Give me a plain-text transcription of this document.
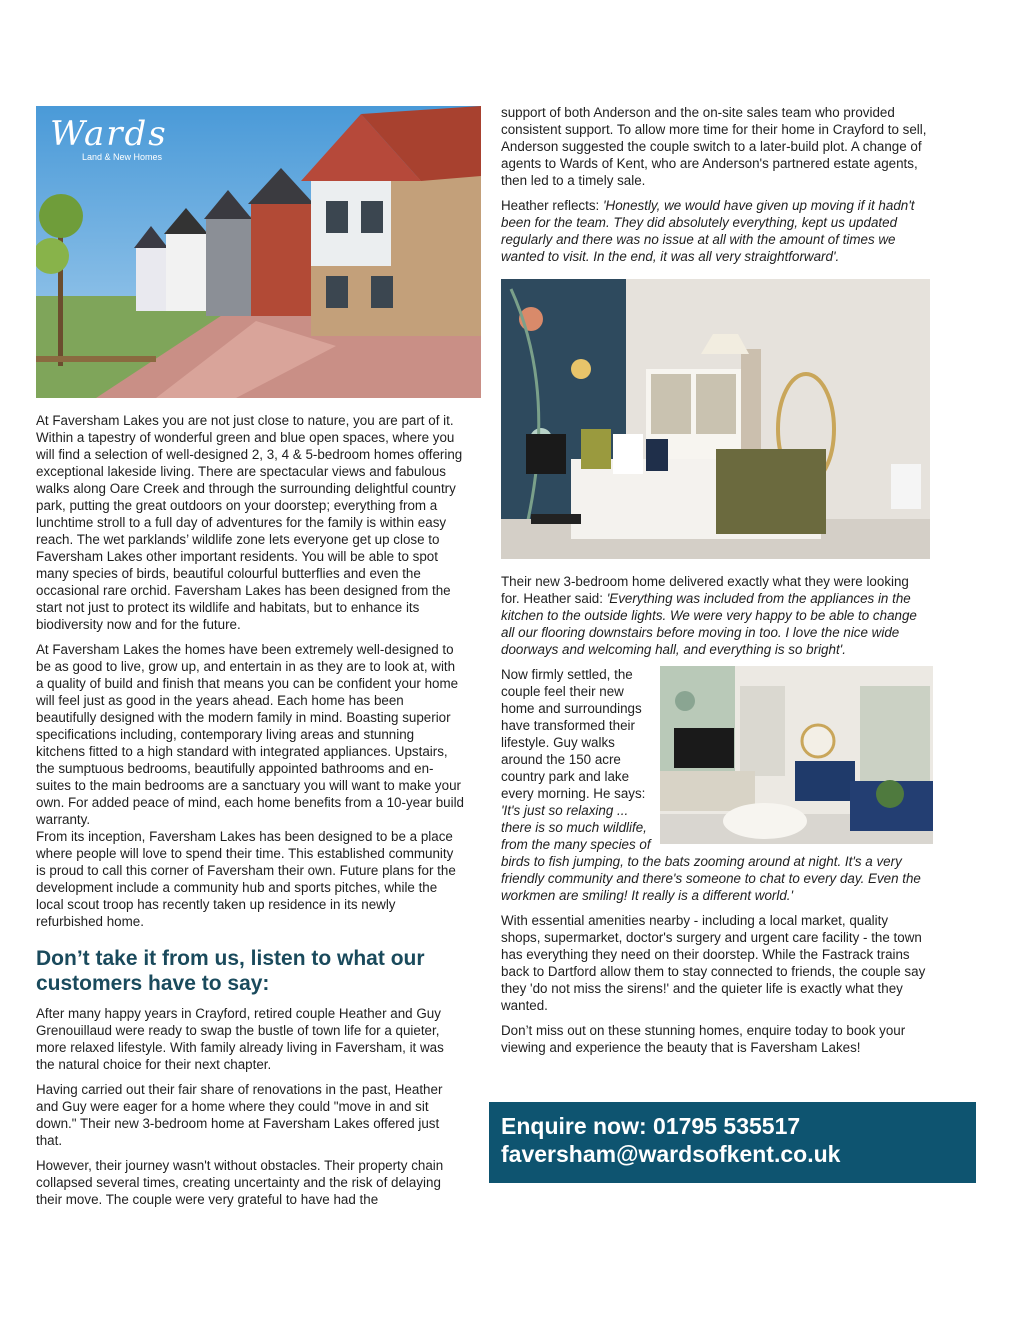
Wards
Land & New Homes

At Faversham Lakes you are not just close to nature, you are part of it. Within a tapestry of wonderful green and blue open spaces, where you will find a selection of well-designed 2, 3, 4 & 5-bedroom homes offering exceptional lakeside living. There are spectacular views and fabulous walks along Oare Creek and through the surrounding delightful country park, putting the great outdoors on your doorstep; everything from a lunchtime stroll to a full day of adventures for the family is within easy reach. The wet parklands’ wildlife zone lets everyone get up close to Faversham Lakes other important residents. You will be able to spot many species of birds, beautiful colourful butterflies and even the occasional rare orchid. Faversham Lakes has been designed from the start not just to protect its wildlife and habitats, but to enhance its biodiversity now and for the future.

At Faversham Lakes the homes have been extremely well-designed to be as good to live, grow up, and entertain in as they are to look at, with a quality of build and finish that means you can be confident your home will feel just as good in the years ahead. Each home has been beautifully designed with the modern family in mind. Boasting superior specifications including, contemporary living areas and stunning kitchens fitted to a high standard with integrated appliances. Upstairs, the sumptuous bedrooms, beautifully appointed bathrooms and en-suites to the main bedrooms are a sanctuary you will want to make your own. For added peace of mind, each home benefits from a 10-year build warranty.

From its inception, Faversham Lakes has been designed to be a place where people will love to spend their time. This established community is proud to call this corner of Faversham their own. Future plans for the development include a community hub and sports pitches, while the local scout troop has recently taken up residence in its newly refurbished home.

Don’t take it from us, listen to what our customers have to say:

After many happy years in Crayford, retired couple Heather and Guy Grenouillaud were ready to swap the bustle of town life for a quieter, more relaxed lifestyle. With family already living in Faversham, it was the natural choice for their next chapter.

Having carried out their fair share of renovations in the past, Heather and Guy were eager for a home where they could "move in and sit down." Their new 3-bedroom home at Faversham Lakes offered just that.

However, their journey wasn't without obstacles. Their property chain collapsed several times, creating uncertainty and the risk of delaying their move. The couple were very grateful to have had the

support of both Anderson and the on-site sales team who provided consistent support. To allow more time for their home in Crayford to sell, Anderson suggested the couple switch to a later-build plot. A change of agents to Wards of Kent, who are Anderson's partnered estate agents, then led to a timely sale.

Heather reflects: 'Honestly, we would have given up moving if it hadn't been for the team. They did absolutely everything, kept us updated regularly and there was no issue at all with the amount of times we wanted to visit. In the end, it was all very straightforward'.

Their new 3-bedroom home delivered exactly what they were looking for. Heather said: 'Everything was included from the appliances in the kitchen to the outside lights. We were very happy to be able to change all our flooring downstairs before moving in too. I love the nice wide doorways and welcoming hall, and everything is so bright'.

Now firmly settled, the couple feel their new home and surroundings have transformed their lifestyle. Guy walks around the 150 acre country park and lake every morning. He says: 'It's just so relaxing ... there is so much wildlife, from the many species of birds to fish jumping, to the bats zooming around at night. It's a very friendly community and there's someone to chat to every day. Even the workmen are smiling! It really is a different world.'

With essential amenities nearby - including a local market, quality shops, supermarket, doctor's surgery and urgent care facility - the town has everything they need on their doorstep. While the Fastrack trains back to Dartford allow them to stay connected to friends, the couple say they 'do not miss the sirens!' and the quieter life is exactly what they wanted.

Don’t miss out on these stunning homes, enquire today to book your viewing and experience the beauty that is Faversham Lakes!

Enquire now: 01795 535517
faversham@wardsofkent.co.uk
